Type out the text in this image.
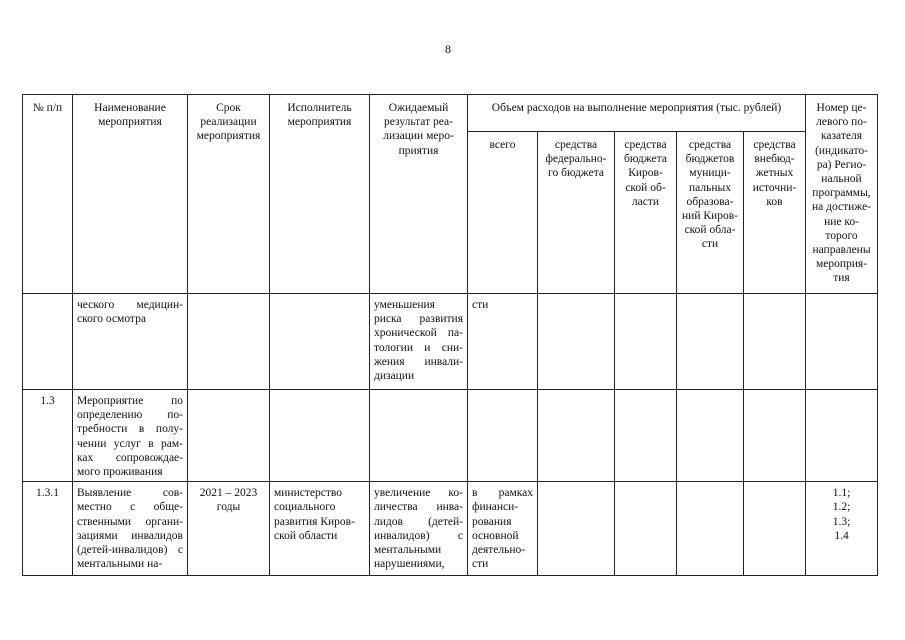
8
№ п/п	Наименование мероприятия	Срок реализации мероприятия	Исполнитель мероприятия	Ожидаемый результат реа-лизации меро-приятия	Объем расходов на выполнение мероприятия (тыс. рублей)					Номер це-левого по-казателя (индикато-ра) Регио-нальной программы, на достиже-ние ко-торого направлены мероприя-тия
					всего	средства федерально-го бюджета	средства бюджета Киров-ской об-ласти	средства бюджетов муници-пальных образова-ний Киров-ской обла-сти	средства внебюд-жетных источни-ков	
	ческого медицин-ского осмотра			уменьшения риска развития хронической па-тологии и сни-жения инвали-дизации	сти					
1.3	Мероприятие по определению по-требности в полу-чении услуг в рам-ках сопровождае-мого проживания									
1.3.1	Выявление сов-местно с обще-ственными органи-зациями инвалидов (детей-инвалидов) с ментальными на-	2021 – 2023 годы	министерство социального развития Киров-ской области	увеличение ко-личества инва-лидов (детей-инвалидов) с ментальными нарушениями,	в рамках финанси-рования основной деятельно-сти					1.1;
1.2;
1.3;
1.4
